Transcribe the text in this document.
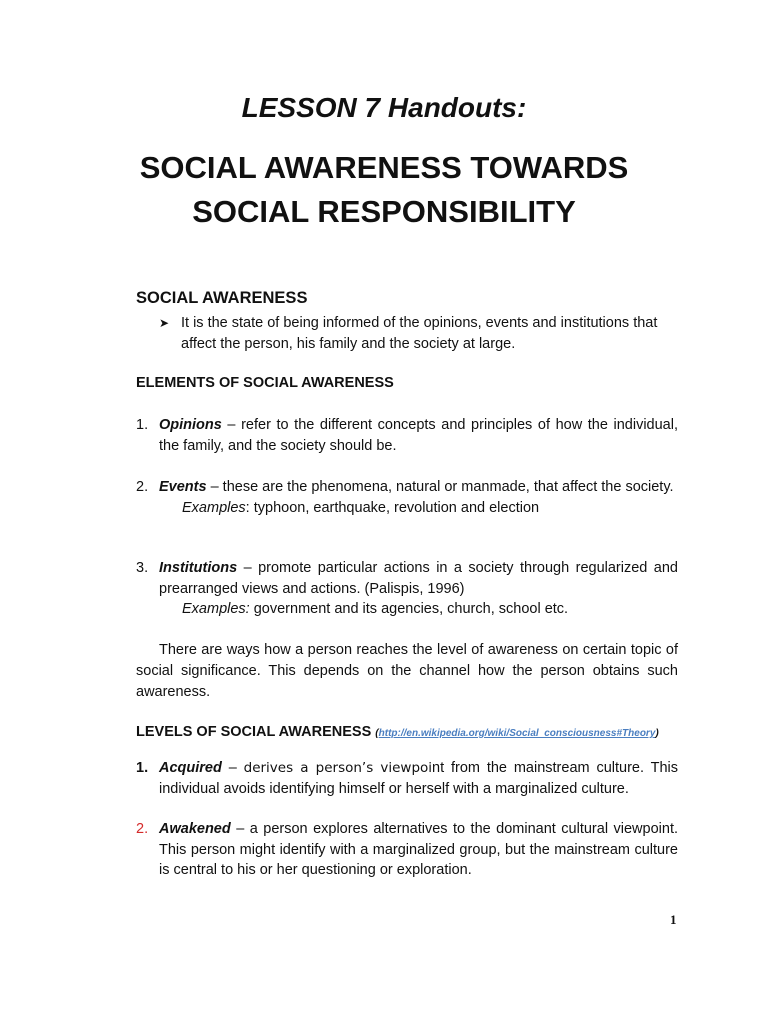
LESSON 7 Handouts:
SOCIAL AWARENESS TOWARDS
SOCIAL RESPONSIBILITY
SOCIAL AWARENESS
➤ It is the state of being informed of the opinions, events and institutions that affect the person, his family and the society at large.
ELEMENTS OF SOCIAL AWARENESS
1. Opinions – refer to the different concepts and principles of how the individual, the family, and the society should be.
2. Events – these are the phenomena, natural or manmade, that affect the society.
Examples: typhoon, earthquake, revolution and election
3. Institutions – promote particular actions in a society through regularized and prearranged views and actions. (Palispis, 1996)
Examples: government and its agencies, church, school etc.

There are ways how a person reaches the level of awareness on certain topic of social significance. This depends on the channel how the person obtains such awareness.

LEVELS OF SOCIAL AWARENESS (http://en.wikipedia.org/wiki/Social_consciousness#Theory)
1. Acquired – derives a person’s viewpoint from the mainstream culture. This individual avoids identifying himself or herself with a marginalized culture.
2. Awakened – a person explores alternatives to the dominant cultural viewpoint. This person might identify with a marginalized group, but the mainstream culture is central to his or her questioning or exploration.
1
